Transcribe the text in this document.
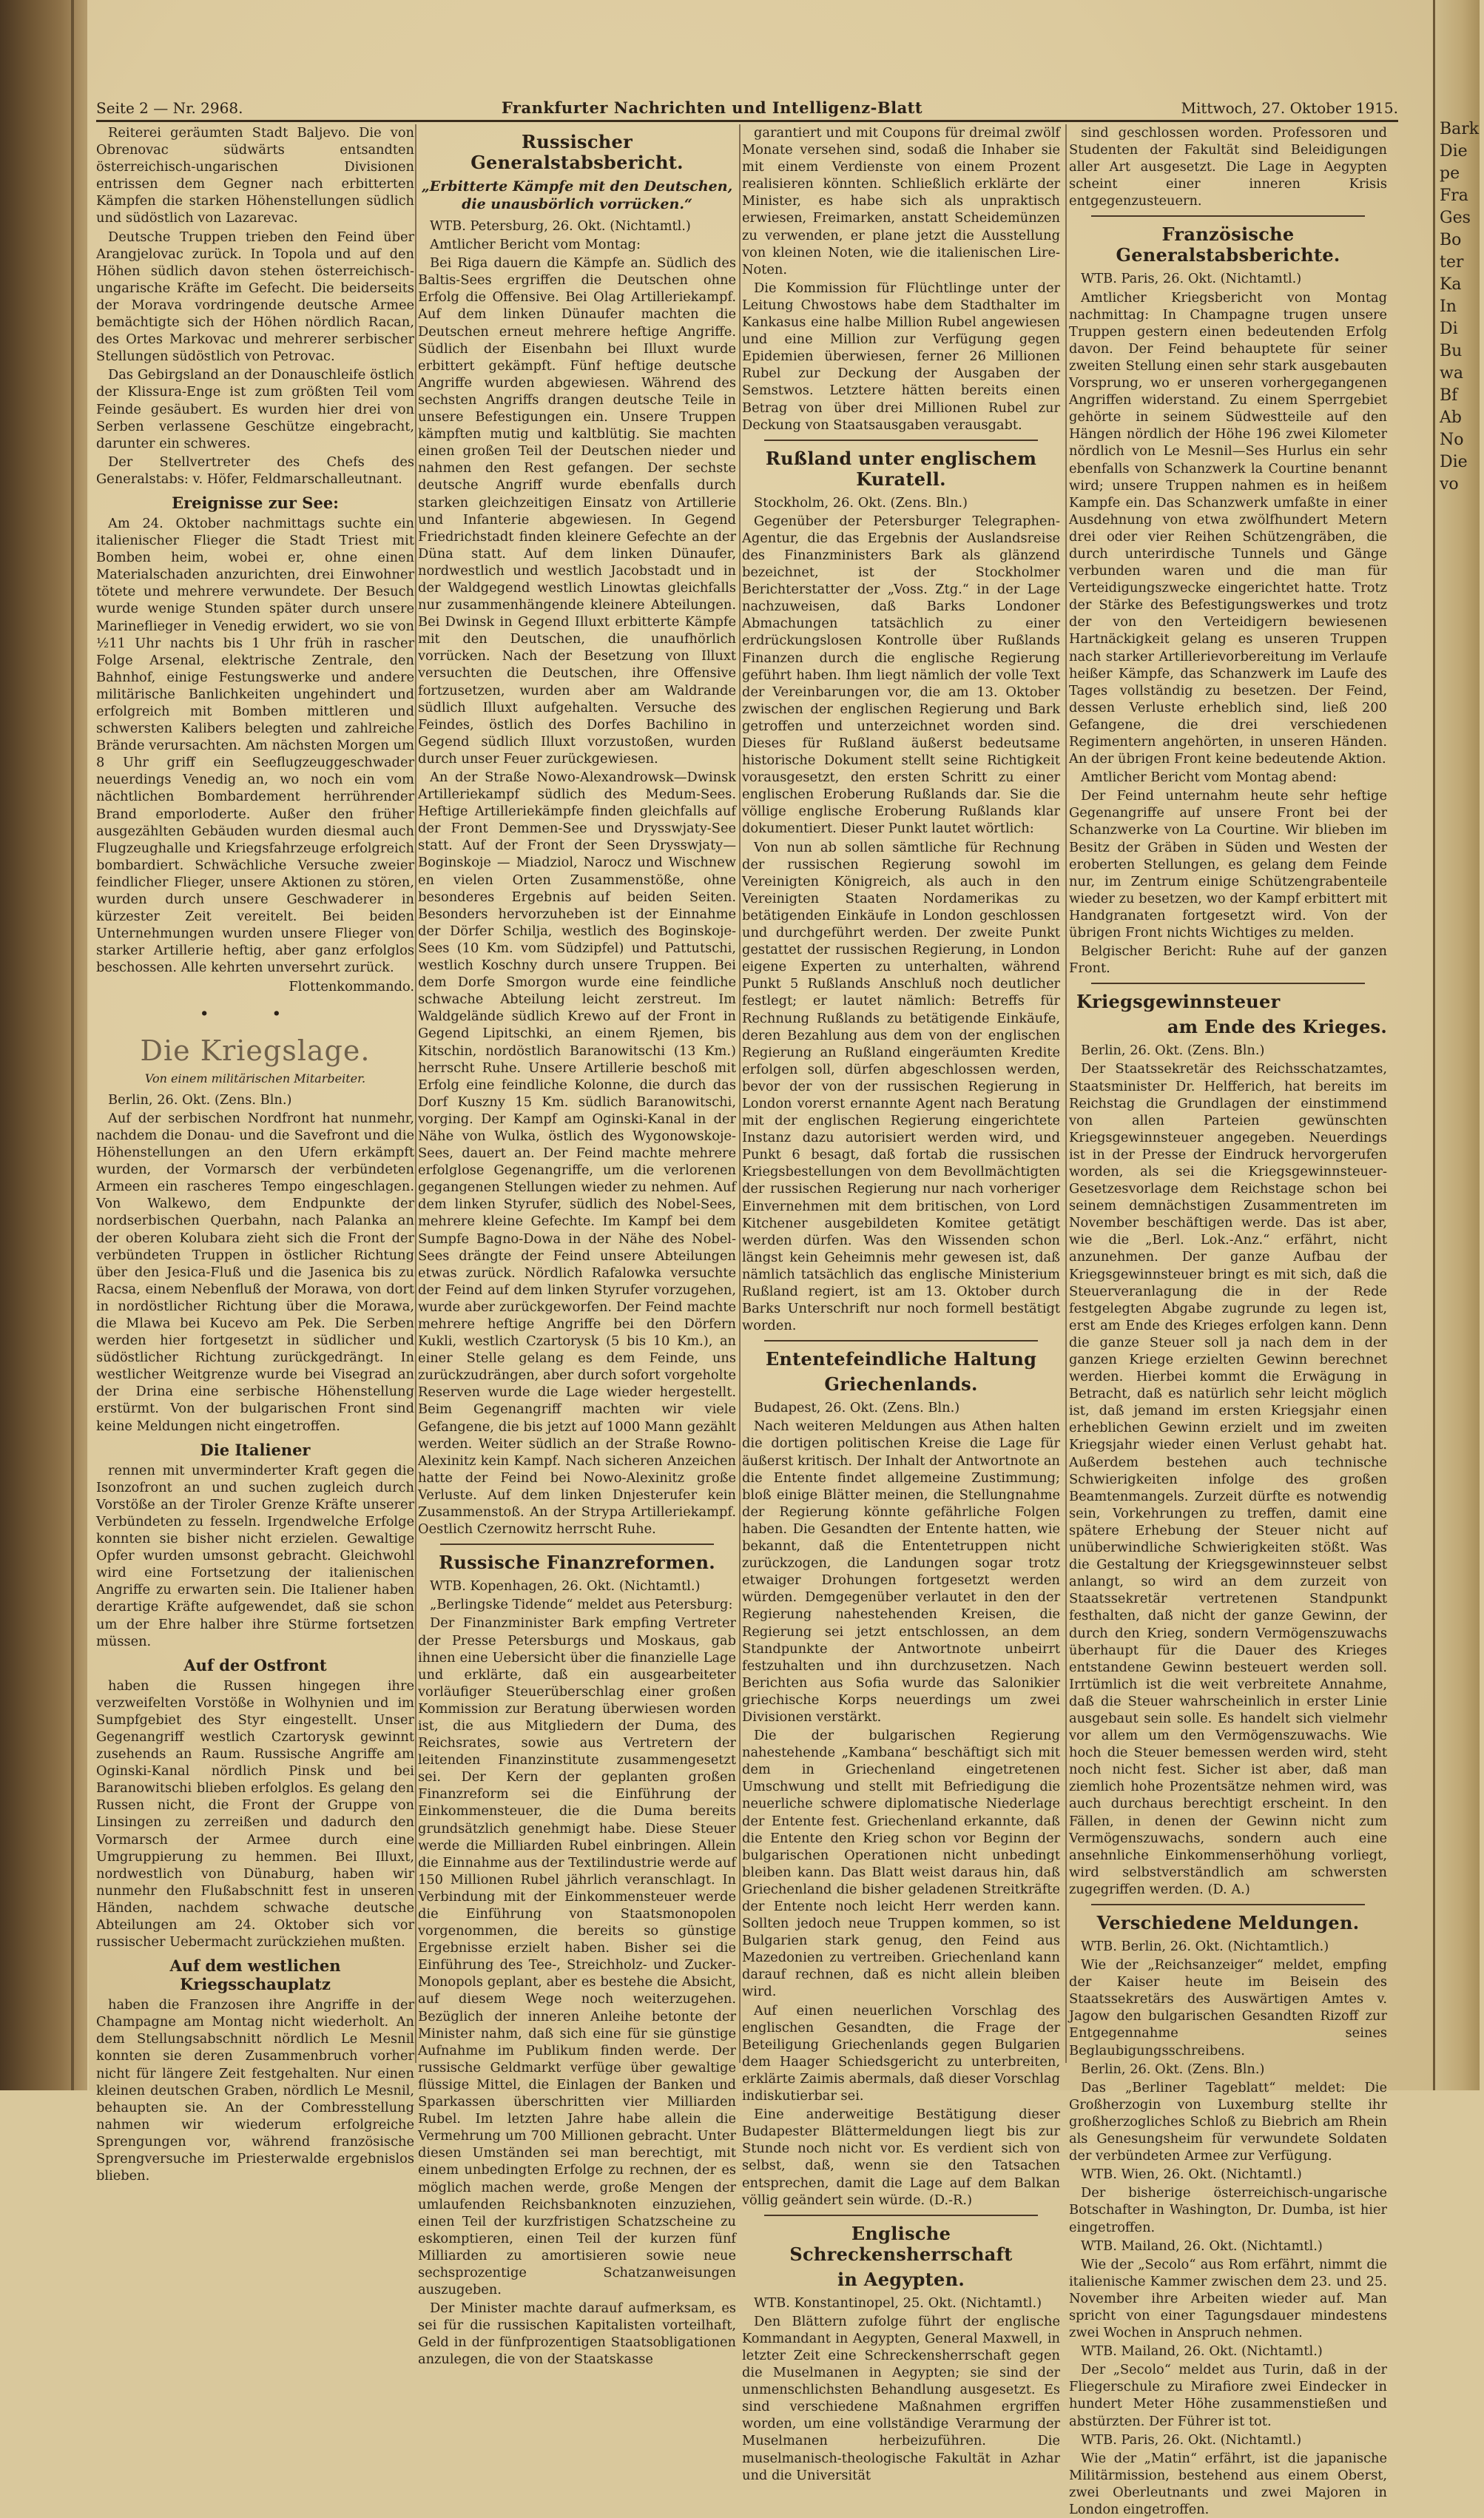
Seite 2 — Nr. 2968.	Frankfurter Nachrichten und Intelligenz-Blatt	Mittwoch, 27. Oktober 1915.

Reiterei geräumten Stadt Baljevo. Die von Obrenovac südwärts entsandten österreichisch-ungarischen Divisionen entrissen dem Gegner nach erbitterten Kämpfen die starken Höhenstellungen südlich und südöstlich von Lazarevac.

Deutsche Truppen trieben den Feind über Arangjelovac zurück. In Topola und auf den Höhen südlich davon stehen österreichisch-ungarische Kräfte im Gefecht. Die beiderseits der Morava vordringende deutsche Armee bemächtigte sich der Höhen nördlich Racan, des Ortes Markovac und mehrerer serbischer Stellungen südöstlich von Petrovac.

Das Gebirgsland an der Donauschleife östlich der Klissura-Enge ist zum größten Teil vom Feinde gesäubert. Es wurden hier drei von Serben verlassene Geschütze eingebracht, darunter ein schweres.

Der Stellvertreter des Chefs des Generalstabs: v. Höfer, Feldmarschalleutnant.

Ereignisse zur See:

Am 24. Oktober nachmittags suchte ein italienischer Flieger die Stadt Triest mit Bomben heim, wobei er, ohne einen Materialschaden anzurichten, drei Einwohner tötete und mehrere verwundete. Der Besuch wurde wenige Stunden später durch unsere Marineflieger in Venedig erwidert, wo sie von ½11 Uhr nachts bis 1 Uhr früh in rascher Folge Arsenal, elektrische Zentrale, den Bahnhof, einige Festungswerke und andere militärische Banlichkeiten ungehindert und erfolgreich mit Bomben mittleren und schwersten Kalibers belegten und zahlreiche Brände verursachten. Am nächsten Morgen um 8 Uhr griff ein Seeflugzeuggeschwader neuerdings Venedig an, wo noch ein vom nächtlichen Bombardement herrührender Brand emporloderte. Außer den früher ausgezählten Gebäuden wurden diesmal auch Flugzeughalle und Kriegsfahrzeuge erfolgreich bombardiert. Schwächliche Versuche zweier feindlicher Flieger, unsere Aktionen zu stören, wurden durch unsere Geschwaderer in kürzester Zeit vereitelt. Bei beiden Unternehmungen wurden unsere Flieger von starker Artillerie heftig, aber ganz erfolglos beschossen. Alle kehrten unversehrt zurück.

Flottenkommando.

• •
Die Kriegslage.
Von einem militärischen Mitarbeiter.

Berlin, 26. Okt. (Zens. Bln.)

Auf der serbischen Nordfront hat nunmehr, nachdem die Donau- und die Savefront und die Höhenstellungen an den Ufern erkämpft wurden, der Vormarsch der verbündeten Armeen ein rascheres Tempo eingeschlagen. Von Walkewo, dem Endpunkte der nordserbischen Querbahn, nach Palanka an der oberen Kolubara zieht sich die Front der verbündeten Truppen in östlicher Richtung über den Jesica-Fluß und die Jasenica bis zu Racsa, einem Nebenfluß der Morawa, von dort in nordöstlicher Richtung über die Morawa, die Mlawa bei Kucevo am Pek. Die Serben werden hier fortgesetzt in südlicher und südöstlicher Richtung zurückgedrängt. In westlicher Weitgrenze wurde bei Visegrad an der Drina eine serbische Höhenstellung erstürmt. Von der bulgarischen Front sind keine Meldungen nicht eingetroffen.

Die Italiener

rennen mit unverminderter Kraft gegen die Isonzofront an und suchen zugleich durch Vorstöße an der Tiroler Grenze Kräfte unserer Verbündeten zu fesseln. Irgendwelche Erfolge konnten sie bisher nicht erzielen. Gewaltige Opfer wurden umsonst gebracht. Gleichwohl wird eine Fortsetzung der italienischen Angriffe zu erwarten sein. Die Italiener haben derartige Kräfte aufgewendet, daß sie schon um der Ehre halber ihre Stürme fortsetzen müssen.

Auf der Ostfront

haben die Russen hingegen ihre verzweifelten Vorstöße in Wolhynien und im Sumpfgebiet des Styr eingestellt. Unser Gegenangriff westlich Czartorysk gewinnt zusehends an Raum. Russische Angriffe am Oginski-Kanal nördlich Pinsk und bei Baranowitschi blieben erfolglos. Es gelang den Russen nicht, die Front der Gruppe von Linsingen zu zerreißen und dadurch den Vormarsch der Armee durch eine Umgruppierung zu hemmen. Bei Illuxt, nordwestlich von Dünaburg, haben wir nunmehr den Flußabschnitt fest in unseren Händen, nachdem schwache deutsche Abteilungen am 24. Oktober sich vor russischer Uebermacht zurückziehen mußten.

Auf dem westlichen Kriegsschauplatz

haben die Franzosen ihre Angriffe in der Champagne am Montag nicht wiederholt. An dem Stellungsabschnitt nördlich Le Mesnil konnten sie deren Zusammenbruch vorher nicht für längere Zeit festgehalten. Nur einen kleinen deutschen Graben, nördlich Le Mesnil, behaupten sie. An der Combresstellung nahmen wir wiederum erfolgreiche Sprengungen vor, während französische Sprengversuche im Priesterwalde ergebnislos blieben.

Russischer Generalstabsbericht.
„Erbitterte Kämpfe mit den Deutschen, die unausbörlich vorrücken.“

WTB. Petersburg, 26. Okt. (Nichtamtl.)

Amtlicher Bericht vom Montag:

Bei Riga dauern die Kämpfe an. Südlich des Baltis-Sees ergriffen die Deutschen ohne Erfolg die Offensive. Bei Olag Artilleriekampf. Auf dem linken Dünaufer machten die Deutschen erneut mehrere heftige Angriffe. Südlich der Eisenbahn bei Illuxt wurde erbittert gekämpft. Fünf heftige deutsche Angriffe wurden abgewiesen. Während des sechsten Angriffs drangen deutsche Teile in unsere Befestigungen ein. Unsere Truppen kämpften mutig und kaltblütig. Sie machten einen großen Teil der Deutschen nieder und nahmen den Rest gefangen. Der sechste deutsche Angriff wurde ebenfalls durch starken gleichzeitigen Einsatz von Artillerie und Infanterie abgewiesen. In Gegend Friedrichstadt finden kleinere Gefechte an der Düna statt. Auf dem linken Dünaufer, nordwestlich und westlich Jacobstadt und in der Waldgegend westlich Linowtas gleichfalls nur zusammenhängende kleinere Abteilungen. Bei Dwinsk in Gegend Illuxt erbitterte Kämpfe mit den Deutschen, die unaufhörlich vorrücken. Nach der Besetzung von Illuxt versuchten die Deutschen, ihre Offensive fortzusetzen, wurden aber am Waldrande südlich Illuxt aufgehalten. Versuche des Feindes, östlich des Dorfes Bachilino in Gegend südlich Illuxt vorzustoßen, wurden durch unser Feuer zurückgewiesen.

An der Straße Nowo-Alexandrowsk—Dwinsk Artilleriekampf südlich des Medum-Sees. Heftige Artilleriekämpfe finden gleichfalls auf der Front Demmen-See und Drysswjaty-See statt. Auf der Front der Seen Drysswjaty—Boginskoje — Miadziol, Narocz und Wischnew en vielen Orten Zusammenstöße, ohne besonderes Ergebnis auf beiden Seiten. Besonders hervorzuheben ist der Einnahme der Dörfer Schilja, westlich des Boginskoje-Sees (10 Km. vom Südzipfel) und Pattutschi, westlich Koschny durch unsere Truppen. Bei dem Dorfe Smorgon wurde eine feindliche schwache Abteilung leicht zerstreut. Im Waldgelände südlich Krewo auf der Front in Gegend Lipitschki, an einem Rjemen, bis Kitschin, nordöstlich Baranowitschi (13 Km.) herrscht Ruhe. Unsere Artillerie beschoß mit Erfolg eine feindliche Kolonne, die durch das Dorf Kuszny 15 Km. südlich Baranowitschi, vorging. Der Kampf am Oginski-Kanal in der Nähe von Wulka, östlich des Wygonowskoje-Sees, dauert an. Der Feind machte mehrere erfolglose Gegenangriffe, um die verlorenen gegangenen Stellungen wieder zu nehmen. Auf dem linken Styrufer, südlich des Nobel-Sees, mehrere kleine Gefechte. Im Kampf bei dem Sumpfe Bagno-Dowa in der Nähe des Nobel-Sees drängte der Feind unsere Abteilungen etwas zurück. Nördlich Rafalowka versuchte der Feind auf dem linken Styrufer vorzugehen, wurde aber zurückgeworfen. Der Feind machte mehrere heftige Angriffe bei den Dörfern Kukli, westlich Czartorysk (5 bis 10 Km.), an einer Stelle gelang es dem Feinde, uns zurückzudrängen, aber durch sofort vorgeholte Reserven wurde die Lage wieder hergestellt. Beim Gegenangriff machten wir viele Gefangene, die bis jetzt auf 1000 Mann gezählt werden. Weiter südlich an der Straße Rowno-Alexinitz kein Kampf. Nach sicheren Anzeichen hatte der Feind bei Nowo-Alexinitz große Verluste. Auf dem linken Dnjesterufer kein Zusammenstoß. An der Strypa Artilleriekampf. Oestlich Czernowitz herrscht Ruhe.

Russische Finanzreformen.

WTB. Kopenhagen, 26. Okt. (Nichtamtl.)

„Berlingske Tidende“ meldet aus Petersburg:

Der Finanzminister Bark empfing Vertreter der Presse Petersburgs und Moskaus, gab ihnen eine Uebersicht über die finanzielle Lage und erklärte, daß ein ausgearbeiteter vorläufiger Steuerüberschlag einer großen Kommission zur Beratung überwiesen worden ist, die aus Mitgliedern der Duma, des Reichsrates, sowie aus Vertretern der leitenden Finanzinstitute zusammengesetzt sei. Der Kern der geplanten großen Finanzreform sei die Einführung der Einkommensteuer, die die Duma bereits grundsätzlich genehmigt habe. Diese Steuer werde die Milliarden Rubel einbringen. Allein die Einnahme aus der Textilindustrie werde auf 150 Millionen Rubel jährlich veranschlagt. In Verbindung mit der Einkommensteuer werde die Einführung von Staatsmonopolen vorgenommen, die bereits so günstige Ergebnisse erzielt haben. Bisher sei die Einführung des Tee-, Streichholz- und Zucker-Monopols geplant, aber es bestehe die Absicht, auf diesem Wege noch weiterzugehen. Bezüglich der inneren Anleihe betonte der Minister nahm, daß sich eine für sie günstige Aufnahme im Publikum finden werde. Der russische Geldmarkt verfüge über gewaltige flüssige Mittel, die Einlagen der Banken und Sparkassen überschritten vier Milliarden Rubel. Im letzten Jahre habe allein die Vermehrung um 700 Millionen gebracht. Unter diesen Umständen sei man berechtigt, mit einem unbedingten Erfolge zu rechnen, der es möglich machen werde, große Mengen der umlaufenden Reichsbanknoten einzuziehen, einen Teil der kurzfristigen Schatzscheine zu eskomptieren, einen Teil der kurzen fünf Milliarden zu amortisieren sowie neue sechsprozentige Schatzanweisungen auszugeben.

Der Minister machte darauf aufmerksam, es sei für die russischen Kapitalisten vorteilhaft, Geld in der fünfprozentigen Staatsobligationen anzulegen, die von der Staatskasse

garantiert und mit Coupons für dreimal zwölf Monate versehen sind, sodaß die Inhaber sie mit einem Verdienste von einem Prozent realisieren könnten. Schließlich erklärte der Minister, es habe sich als unpraktisch erwiesen, Freimarken, anstatt Scheidemünzen zu verwenden, er plane jetzt die Ausstellung von kleinen Noten, wie die italienischen Lire-Noten.

Die Kommission für Flüchtlinge unter der Leitung Chwostows habe dem Stadthalter im Kankasus eine halbe Million Rubel angewiesen und eine Million zur Verfügung gegen Epidemien überwiesen, ferner 26 Millionen Rubel zur Deckung der Ausgaben der Semstwos. Letztere hätten bereits einen Betrag von über drei Millionen Rubel zur Deckung von Staatsausgaben verausgabt.

Rußland unter englischem Kuratell.

Stockholm, 26. Okt. (Zens. Bln.)

Gegenüber der Petersburger Telegraphen-Agentur, die das Ergebnis der Auslandsreise des Finanzministers Bark als glänzend bezeichnet, ist der Stockholmer Berichterstatter der „Voss. Ztg.“ in der Lage nachzuweisen, daß Barks Londoner Abmachungen tatsächlich zu einer erdrückungslosen Kontrolle über Rußlands Finanzen durch die englische Regierung geführt haben. Ihm liegt nämlich der volle Text der Vereinbarungen vor, die am 13. Oktober zwischen der englischen Regierung und Bark getroffen und unterzeichnet worden sind. Dieses für Rußland äußerst bedeutsame historische Dokument stellt seine Richtigkeit vorausgesetzt, den ersten Schritt zu einer englischen Eroberung Rußlands dar. Sie die völlige englische Eroberung Rußlands klar dokumentiert. Dieser Punkt lautet wörtlich:

Von nun ab sollen sämtliche für Rechnung der russischen Regierung sowohl im Vereinigten Königreich, als auch in den Vereinigten Staaten Nordamerikas zu betätigenden Einkäufe in London geschlossen und durchgeführt werden. Der zweite Punkt gestattet der russischen Regierung, in London eigene Experten zu unterhalten, während Punkt 5 Rußlands Anschluß noch deutlicher festlegt; er lautet nämlich: Betreffs für Rechnung Rußlands zu betätigende Einkäufe, deren Bezahlung aus dem von der englischen Regierung an Rußland eingeräumten Kredite erfolgen soll, dürfen abgeschlossen werden, bevor der von der russischen Regierung in London vorerst ernannte Agent nach Beratung mit der englischen Regierung eingerichtete Instanz dazu autorisiert werden wird, und Punkt 6 besagt, daß fortab die russischen Kriegsbestellungen von dem Bevollmächtigten der russischen Regierung nur nach vorheriger Einvernehmen mit dem britischen, von Lord Kitchener ausgebildeten Komitee getätigt werden dürfen. Was den Wissenden schon längst kein Geheimnis mehr gewesen ist, daß nämlich tatsächlich das englische Ministerium Rußland regiert, ist am 13. Oktober durch Barks Unterschrift nur noch formell bestätigt worden.

Ententefeindliche Haltung
Griechenlands.

Budapest, 26. Okt. (Zens. Bln.)

Nach weiteren Meldungen aus Athen halten die dortigen politischen Kreise die Lage für äußerst kritisch. Der Inhalt der Antwortnote an die Entente findet allgemeine Zustimmung; bloß einige Blätter meinen, die Stellungnahme der Regierung könnte gefährliche Folgen haben. Die Gesandten der Entente hatten, wie bekannt, daß die Ententetruppen nicht zurückzogen, die Landungen sogar trotz etwaiger Drohungen fortgesetzt werden würden. Demgegenüber verlautet in den der Regierung nahestehenden Kreisen, die Regierung sei jetzt entschlossen, an dem Standpunkte der Antwortnote unbeirrt festzuhalten und ihn durchzusetzen. Nach Berichten aus Sofia wurde das Salonikier griechische Korps neuerdings um zwei Divisionen verstärkt.

Die der bulgarischen Regierung nahestehende „Kambana“ beschäftigt sich mit dem in Griechenland eingetretenen Umschwung und stellt mit Befriedigung die neuerliche schwere diplomatische Niederlage der Entente fest. Griechenland erkannte, daß die Entente den Krieg schon vor Beginn der bulgarischen Operationen nicht unbedingt bleiben kann. Das Blatt weist daraus hin, daß Griechenland die bisher geladenen Streitkräfte der Entente noch leicht Herr werden kann. Sollten jedoch neue Truppen kommen, so ist Bulgarien stark genug, den Feind aus Mazedonien zu vertreiben. Griechenland kann darauf rechnen, daß es nicht allein bleiben wird.

Auf einen neuerlichen Vorschlag des englischen Gesandten, die Frage der Beteiligung Griechenlands gegen Bulgarien dem Haager Schiedsgericht zu unterbreiten, erklärte Zaimis abermals, daß dieser Vorschlag indiskutierbar sei.

Eine anderweitige Bestätigung dieser Budapester Blättermeldungen liegt bis zur Stunde noch nicht vor. Es verdient sich von selbst, daß, wenn sie den Tatsachen entsprechen, damit die Lage auf dem Balkan völlig geändert sein würde. (D.-R.)

Englische Schreckensherrschaft
in Aegypten.

WTB. Konstantinopel, 25. Okt. (Nichtamtl.)

Den Blättern zufolge führt der englische Kommandant in Aegypten, General Maxwell, in letzter Zeit eine Schreckensherrschaft gegen die Muselmanen in Aegypten; sie sind der unmenschlichsten Behandlung ausgesetzt. Es sind verschiedene Maßnahmen ergriffen worden, um eine vollständige Verarmung der Muselmanen herbeizuführen. Die muselmanisch-theologische Fakultät in Azhar und die Universität

sind geschlossen worden. Professoren und Studenten der Fakultät sind Beleidigungen aller Art ausgesetzt. Die Lage in Aegypten scheint einer inneren Krisis entgegenzusteuern.

Französische Generalstabsberichte.

WTB. Paris, 26. Okt. (Nichtamtl.)

Amtlicher Kriegsbericht von Montag nachmittag: In Champagne trugen unsere Truppen gestern einen bedeutenden Erfolg davon. Der Feind behauptete für seiner zweiten Stellung einen sehr stark ausgebauten Vorsprung, wo er unseren vorhergegangenen Angriffen widerstand. Zu einem Sperrgebiet gehörte in seinem Südwestteile auf den Hängen nördlich der Höhe 196 zwei Kilometer nördlich von Le Mesnil—Ses Hurlus ein sehr ebenfalls von Schanzwerk la Courtine benannt wird; unsere Truppen nahmen es in heißem Kampfe ein. Das Schanzwerk umfaßte in einer Ausdehnung von etwa zwölfhundert Metern drei oder vier Reihen Schützengräben, die durch unterirdische Tunnels und Gänge verbunden waren und die man für Verteidigungszwecke eingerichtet hatte. Trotz der Stärke des Befestigungswerkes und trotz der von den Verteidigern bewiesenen Hartnäckigkeit gelang es unseren Truppen nach starker Artillerievorbereitung im Verlaufe heißer Kämpfe, das Schanzwerk im Laufe des Tages vollständig zu besetzen. Der Feind, dessen Verluste erheblich sind, ließ 200 Gefangene, die drei verschiedenen Regimentern angehörten, in unseren Händen. An der übrigen Front keine bedeutende Aktion.

Amtlicher Bericht vom Montag abend:

Der Feind unternahm heute sehr heftige Gegenangriffe auf unsere Front bei der Schanzwerke von La Courtine. Wir blieben im Besitz der Gräben in Süden und Westen der eroberten Stellungen, es gelang dem Feinde nur, im Zentrum einige Schützengrabenteile wieder zu besetzen, wo der Kampf erbittert mit Handgranaten fortgesetzt wird. Von der übrigen Front nichts Wichtiges zu melden.

Belgischer Bericht: Ruhe auf der ganzen Front.

Kriegsgewinnsteuer
am Ende des Krieges.

Berlin, 26. Okt. (Zens. Bln.)

Der Staatssekretär des Reichsschatzamtes, Staatsminister Dr. Helfferich, hat bereits im Reichstag die Grundlagen der einstimmend von allen Parteien gewünschten Kriegsgewinnsteuer angegeben. Neuerdings ist in der Presse der Eindruck hervorgerufen worden, als sei die Kriegsgewinnsteuer-Gesetzesvorlage dem Reichstage schon bei seinem demnächstigen Zusammentreten im November beschäftigen werde. Das ist aber, wie die „Berl. Lok.-Anz.“ erfährt, nicht anzunehmen. Der ganze Aufbau der Kriegsgewinnsteuer bringt es mit sich, daß die Steuerveranlagung die in der Rede festgelegten Abgabe zugrunde zu legen ist, erst am Ende des Krieges erfolgen kann. Denn die ganze Steuer soll ja nach dem in der ganzen Kriege erzielten Gewinn berechnet werden. Hierbei kommt die Erwägung in Betracht, daß es natürlich sehr leicht möglich ist, daß jemand im ersten Kriegsjahr einen erheblichen Gewinn erzielt und im zweiten Kriegsjahr wieder einen Verlust gehabt hat. Außerdem bestehen auch technische Schwierigkeiten infolge des großen Beamtenmangels. Zurzeit dürfte es notwendig sein, Vorkehrungen zu treffen, damit eine spätere Erhebung der Steuer nicht auf unüberwindliche Schwierigkeiten stößt. Was die Gestaltung der Kriegsgewinnsteuer selbst anlangt, so wird an dem zurzeit von Staatssekretär vertretenen Standpunkt festhalten, daß nicht der ganze Gewinn, der durch den Krieg, sondern Vermögenszuwachs überhaupt für die Dauer des Krieges entstandene Gewinn besteuert werden soll. Irrtümlich ist die weit verbreitete Annahme, daß die Steuer wahrscheinlich in erster Linie ausgebaut sein solle. Es handelt sich vielmehr vor allem um den Vermögenszuwachs. Wie hoch die Steuer bemessen werden wird, steht noch nicht fest. Sicher ist aber, daß man ziemlich hohe Prozentsätze nehmen wird, was auch durchaus berechtigt erscheint. In den Fällen, in denen der Gewinn nicht zum Vermögenszuwachs, sondern auch eine ansehnliche Einkommenserhöhung vorliegt, wird selbstverständlich am schwersten zugegriffen werden. (D. A.)

Verschiedene Meldungen.

WTB. Berlin, 26. Okt. (Nichtamtlich.)

Wie der „Reichsanzeiger“ meldet, empfing der Kaiser heute im Beisein des Staatssekretärs des Auswärtigen Amtes v. Jagow den bulgarischen Gesandten Rizoff zur Entgegennahme seines Beglaubigungsschreibens.

Berlin, 26. Okt. (Zens. Bln.)

Das „Berliner Tageblatt“ meldet: Die Großherzogin von Luxemburg stellte ihr großherzogliches Schloß zu Biebrich am Rhein als Genesungsheim für verwundete Soldaten der verbündeten Armee zur Verfügung.

WTB. Wien, 26. Okt. (Nichtamtl.)

Der bisherige österreichisch-ungarische Botschafter in Washington, Dr. Dumba, ist hier eingetroffen.

WTB. Mailand, 26. Okt. (Nichtamtl.)

Wie der „Secolo“ aus Rom erfährt, nimmt die italienische Kammer zwischen dem 23. und 25. November ihre Arbeiten wieder auf. Man spricht von einer Tagungsdauer mindestens zwei Wochen in Anspruch nehmen.

WTB. Mailand, 26. Okt. (Nichtamtl.)

Der „Secolo“ meldet aus Turin, daß in der Fliegerschule zu Mirafiore zwei Eindecker in hundert Meter Höhe zusammenstießen und abstürzten. Der Führer ist tot.

WTB. Paris, 26. Okt. (Nichtamtl.)

Wie der „Matin“ erfährt, ist die japanische Militärmission, bestehend aus einem Oberst, zwei Oberleutnants und zwei Majoren in London eingetroffen.

Bark
Die
pe
Fra
Ges
Bo
ter
Ka
In
Di
Bu
wa
Bf
Ab
No
Die
vo
